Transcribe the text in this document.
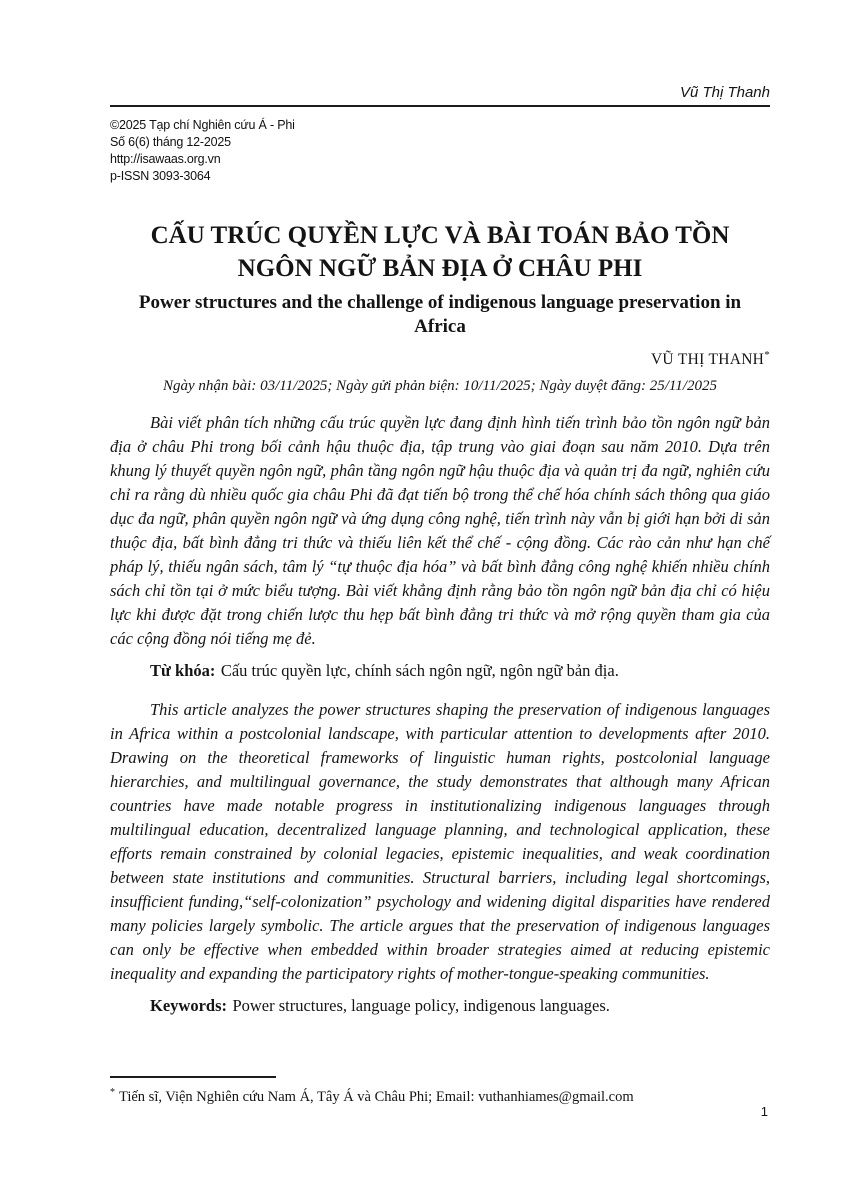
Vũ Thị Thanh
©2025 Tạp chí Nghiên cứu Á - Phi
Số 6(6) tháng 12-2025
http://isawaas.org.vn
p-ISSN 3093-3064
CẤU TRÚC QUYỀN LỰC VÀ BÀI TOÁN BẢO TỒN NGÔN NGỮ BẢN ĐỊA Ở CHÂU PHI
Power structures and the challenge of indigenous language preservation in Africa
VŨ THỊ THANH*
Ngày nhận bài: 03/11/2025; Ngày gửi phản biện: 10/11/2025; Ngày duyệt đăng: 25/11/2025

Bài viết phân tích những cấu trúc quyền lực đang định hình tiến trình bảo tồn ngôn ngữ bản địa ở châu Phi trong bối cảnh hậu thuộc địa, tập trung vào giai đoạn sau năm 2010. Dựa trên khung lý thuyết quyền ngôn ngữ, phân tầng ngôn ngữ hậu thuộc địa và quản trị đa ngữ, nghiên cứu chỉ ra rằng dù nhiều quốc gia châu Phi đã đạt tiến bộ trong thể chế hóa chính sách thông qua giáo dục đa ngữ, phân quyền ngôn ngữ và ứng dụng công nghệ, tiến trình này vẫn bị giới hạn bởi di sản thuộc địa, bất bình đẳng tri thức và thiếu liên kết thể chế - cộng đồng. Các rào cản như hạn chế pháp lý, thiếu ngân sách, tâm lý “tự thuộc địa hóa” và bất bình đẳng công nghệ khiến nhiều chính sách chỉ tồn tại ở mức biểu tượng. Bài viết khẳng định rằng bảo tồn ngôn ngữ bản địa chỉ có hiệu lực khi được đặt trong chiến lược thu hẹp bất bình đẳng tri thức và mở rộng quyền tham gia của các cộng đồng nói tiếng mẹ đẻ.

Từ khóa: Cấu trúc quyền lực, chính sách ngôn ngữ, ngôn ngữ bản địa.

This article analyzes the power structures shaping the preservation of indigenous languages in Africa within a postcolonial landscape, with particular attention to developments after 2010. Drawing on the theoretical frameworks of linguistic human rights, postcolonial language hierarchies, and multilingual governance, the study demonstrates that although many African countries have made notable progress in institutionalizing indigenous languages through multilingual education, decentralized language planning, and technological application, these efforts remain constrained by colonial legacies, epistemic inequalities, and weak coordination between state institutions and communities. Structural barriers, including legal shortcomings, insufficient funding,“self-colonization” psychology and widening digital disparities have rendered many policies largely symbolic. The article argues that the preservation of indigenous languages can only be effective when embedded within broader strategies aimed at reducing epistemic inequality and expanding the participatory rights of mother-tongue-speaking communities.

Keywords: Power structures, language policy, indigenous languages.

* Tiến sĩ, Viện Nghiên cứu Nam Á, Tây Á và Châu Phi; Email: vuthanhiames@gmail.com
1
